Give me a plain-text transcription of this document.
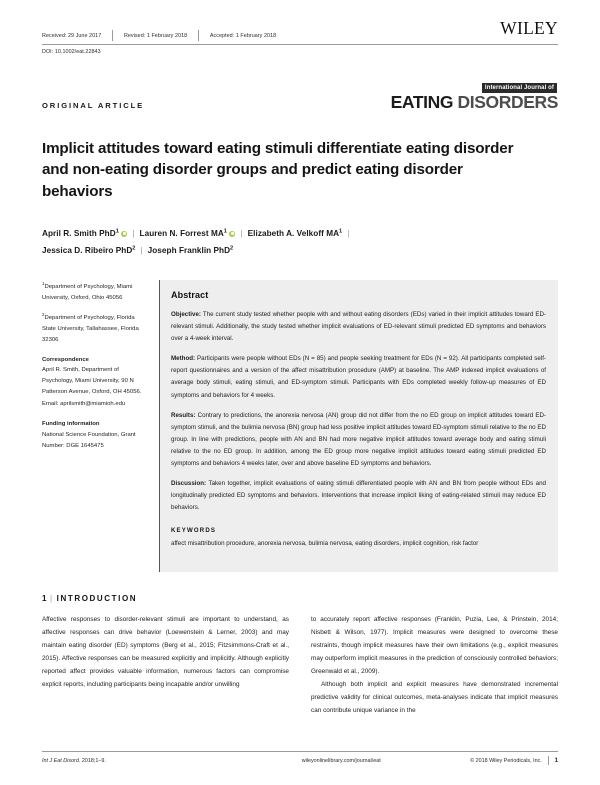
Received: 29 June 2017	Revised: 1 February 2018	Accepted: 1 February 2018	WILEY
DOI: 10.1002/eat.22843
ORIGINAL ARTICLE
International Journal of
EATING DISORDERS
Implicit attitudes toward eating stimuli differentiate eating disorder and non-eating disorder groups and predict eating disorder behaviors
April R. Smith PhD$^1$ | Lauren N. Forrest $MA^1$ | Elizabeth A. Velkoff $MA^1$ |
Jessica D. Ribeiro PhD$^2$ | Joseph Franklin PhD$^2$
$^1$Department of Psychology, Miami University, Oxford, Ohio 45056
$^2$Department of Psychology, Florida State University, Tallahassee, Florida 32306
Correspondence
April R. Smith, Department of Psychology, Miami University, 90 N Patterson Avenue, Oxford, OH 45056.
Email: aprilsmith@miamioh.edu
Funding information
National Science Foundation, Grant Number: DGE 1645475
Abstract

Objective: The current study tested whether people with and without eating disorders (EDs) varied in their implicit attitudes toward ED-relevant stimuli. Additionally, the study tested whether implicit evaluations of ED-relevant stimuli predicted ED symptoms and behaviors over a 4-week interval.

Method: Participants were people without EDs (N = 85) and people seeking treatment for EDs (N = 92). All participants completed self-report questionnaires and a version of the affect misattribution procedure (AMP) at baseline. The AMP indexed implicit evaluations of average body stimuli, eating stimuli, and ED-symptom stimuli. Participants with EDs completed weekly follow-up measures of ED symptoms and behaviors for 4 weeks.

Results: Contrary to predictions, the anorexia nervosa (AN) group did not differ from the no ED group on implicit attitudes toward ED-symptom stimuli, and the bulimia nervosa (BN) group had less positive implicit attitudes toward ED-symptom stimuli relative to the no ED group. In line with predictions, people with AN and BN had more negative implicit attitudes toward average body and eating stimuli relative to the no ED group. In addition, among the ED group more negative implicit attitudes toward eating stimuli predicted ED symptoms and behaviors 4 weeks later, over and above baseline ED symptoms and behaviors.

Discussion: Taken together, implicit evaluations of eating stimuli differentiated people with AN and BN from people without EDs and longitudinally predicted ED symptoms and behaviors. Interventions that increase implicit liking of eating-related stimuli may reduce ED behaviors.

KEYWORDS
affect misattribution procedure, anorexia nervosa, bulimia nervosa, eating disorders, implicit cognition, risk factor
1 | INTRODUCTION

Affective responses to disorder-relevant stimuli are important to understand, as affective responses can drive behavior (Loewenstein & Lerner, 2003) and may maintain eating disorder (ED) symptoms (Berg et al., 2015; Fitzsimmons-Craft et al., 2015). Affective responses can be measured explicitly and implicitly. Although explicitly reported affect provides valuable information, numerous factors can compromise explicit reports, including participants being incapable and/or unwilling

to accurately report affective responses (Franklin, Puzia, Lee, & Prinstein, 2014; Nisbett & Wilson, 1977). Implicit measures were designed to overcome these restraints, though implicit measures have their own limitations (e.g., explicit measures may outperform implicit measures in the prediction of consciously controlled behaviors; Greenwald et al., 2009).

Although both implicit and explicit measures have demonstrated incremental predictive validity for clinical outcomes, meta-analyses indicate that implicit measures can contribute unique variance in the

Int J Eat Disord. 2018;1–9.	wileyonlinelibrary.com/journal/eat	© 2018 Wiley Periodicals, Inc. 1
